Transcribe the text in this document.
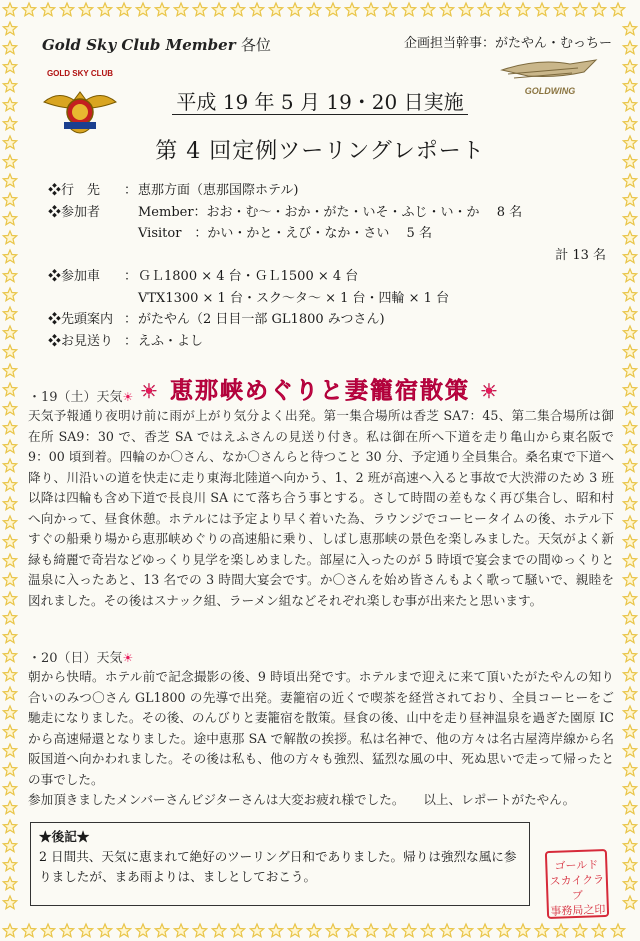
Gold Sky Club Member 各位	企画担当幹事：がたやん・むっちー
GOLD SKY CLUB
GOLDWING
平成 19 年 5 月 19・20 日実施
第 4 回定例ツーリングレポート
❖行　先	： 恵那方面（恵那国際ホテル)
❖参加者	Member：おお・む～・おか・がた・いそ・ふじ・い・か　 8 名
Visitor　：かい・かと・えび・なか・さい　 5 名
計 13 名
❖参加車	： ＧＬ1800 × 4 台・ＧＬ1500 × 4 台
VTX1300 × 1 台・スク～タ～ × 1 台・四輪 × 1 台
❖先頭案内 ： がたやん（2 日目一部 GL1800 みつさん)
❖お見送り ： えふ・よし
☀ 恵那峡めぐりと妻籠宿散策 ☀
・19（土）天気☀

天気予報通り夜明け前に雨が上がり気分よく出発。第一集合場所は香芝 SA7：45、第二集合場所は御在所 SA9：30 で、香芝 SA ではえふさんの見送り付き。私は御在所へ下道を走り亀山から東名阪で 9：00 頃到着。四輪のか〇さん、なか〇さんらと待つこと 30 分、予定通り全員集合。桑名東で下道へ降り、川沿いの道を快走に走り東海北陸道へ向かう、1、2 班が高速へ入ると事故で大渋滞のため 3 班以降は四輪も含め下道で長良川 SA にて落ち合う事とする。さして時間の差もなく再び集合し、昭和村へ向かって、昼食休憩。ホテルには予定より早く着いた為、ラウンジでコーヒータイムの後、ホテル下すぐの船乗り場から恵那峡めぐりの高速船に乗り、しばし恵那峡の景色を楽しみました。天気がよく新緑も綺麗で奇岩などゆっくり見学を楽しめました。部屋に入ったのが 5 時頃で宴会までの間ゆっくりと温泉に入ったあと、13 名での 3 時間大宴会です。か〇さんを始め皆さんもよく歌って騒いで、親睦を図れました。その後はスナック組、ラーメン組などそれぞれ楽しむ事が出来たと思います。

・20（日）天気☀

朝から快晴。ホテル前で記念撮影の後、9 時頃出発です。ホテルまで迎えに来て頂いたがたやんの知り合いのみつ〇さん GL1800 の先導で出発。妻籠宿の近くで喫茶を経営されており、全員コーヒーをご馳走になりました。その後、のんびりと妻籠宿を散策。昼食の後、山中を走り昼神温泉を過ぎた園原 IC から高速帰還となりました。途中恵那 SA で解散の挨拶。私は名神で、他の方々は名古屋湾岸線から名阪国道へ向かわれました。その後は私も、他の方々も強烈、猛烈な風の中、死ぬ思いで走って帰ったとの事でした。

参加頂きましたメンバーさんビジターさんは大変お疲れ様でした。　　以上、レポートがたやん。

★後記★
2 日間共、天気に恵まれて絶好のツーリング日和でありました。帰りは強烈な風に参りましたが、まあ雨よりは、ましとしておこう。
ゴールド
スカイクラブ
事務局之印
